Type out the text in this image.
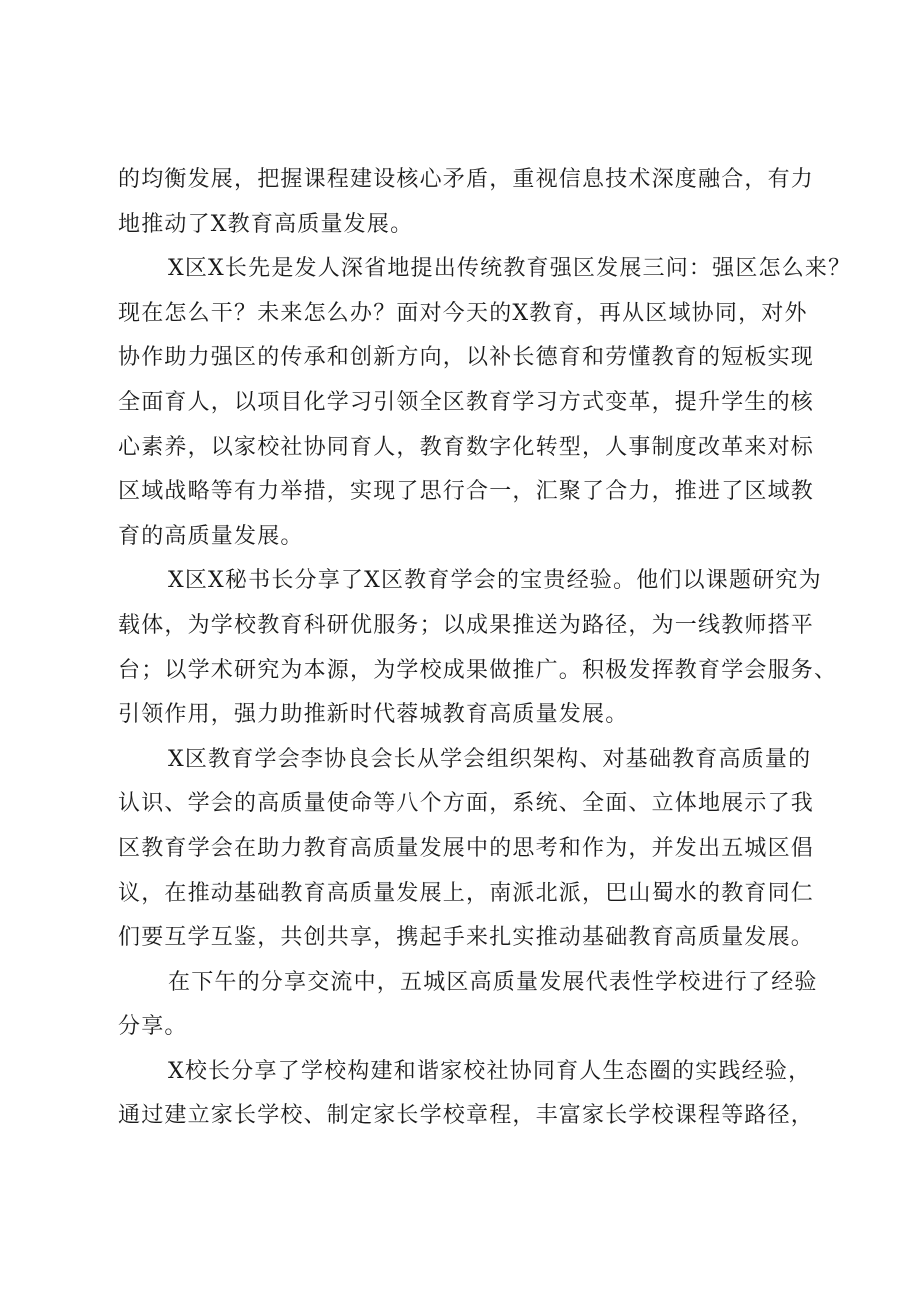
的均衡发展，把握课程建设核心矛盾，重视信息技术深度融合，有力
地推动了X教育高质量发展。
X区X长先是发人深省地提出传统教育强区发展三问：强区怎么来？
现在怎么干？未来怎么办？面对今天的X教育，再从区域协同，对外
协作助力强区的传承和创新方向，以补长德育和劳懂教育的短板实现
全面育人，以项目化学习引领全区教育学习方式变革，提升学生的核
心素养，以家校社协同育人，教育数字化转型，人事制度改革来对标
区域战略等有力举措，实现了思行合一，汇聚了合力，推进了区域教
育的高质量发展。
X区X秘书长分享了X区教育学会的宝贵经验。他们以课题研究为
载体，为学校教育科研优服务；以成果推送为路径，为一线教师搭平
台；以学术研究为本源，为学校成果做推广。积极发挥教育学会服务、
引领作用，强力助推新时代蓉城教育高质量发展。
X区教育学会李协良会长从学会组织架构、对基础教育高质量的
认识、学会的高质量使命等八个方面，系统、全面、立体地展示了我
区教育学会在助力教育高质量发展中的思考和作为，并发出五城区倡
议，在推动基础教育高质量发展上，南派北派，巴山蜀水的教育同仁
们要互学互鉴，共创共享，携起手来扎实推动基础教育高质量发展。
在下午的分享交流中，五城区高质量发展代表性学校进行了经验
分享。
X校长分享了学校构建和谐家校社协同育人生态圈的实践经验，
通过建立家长学校、制定家长学校章程，丰富家长学校课程等路径，
